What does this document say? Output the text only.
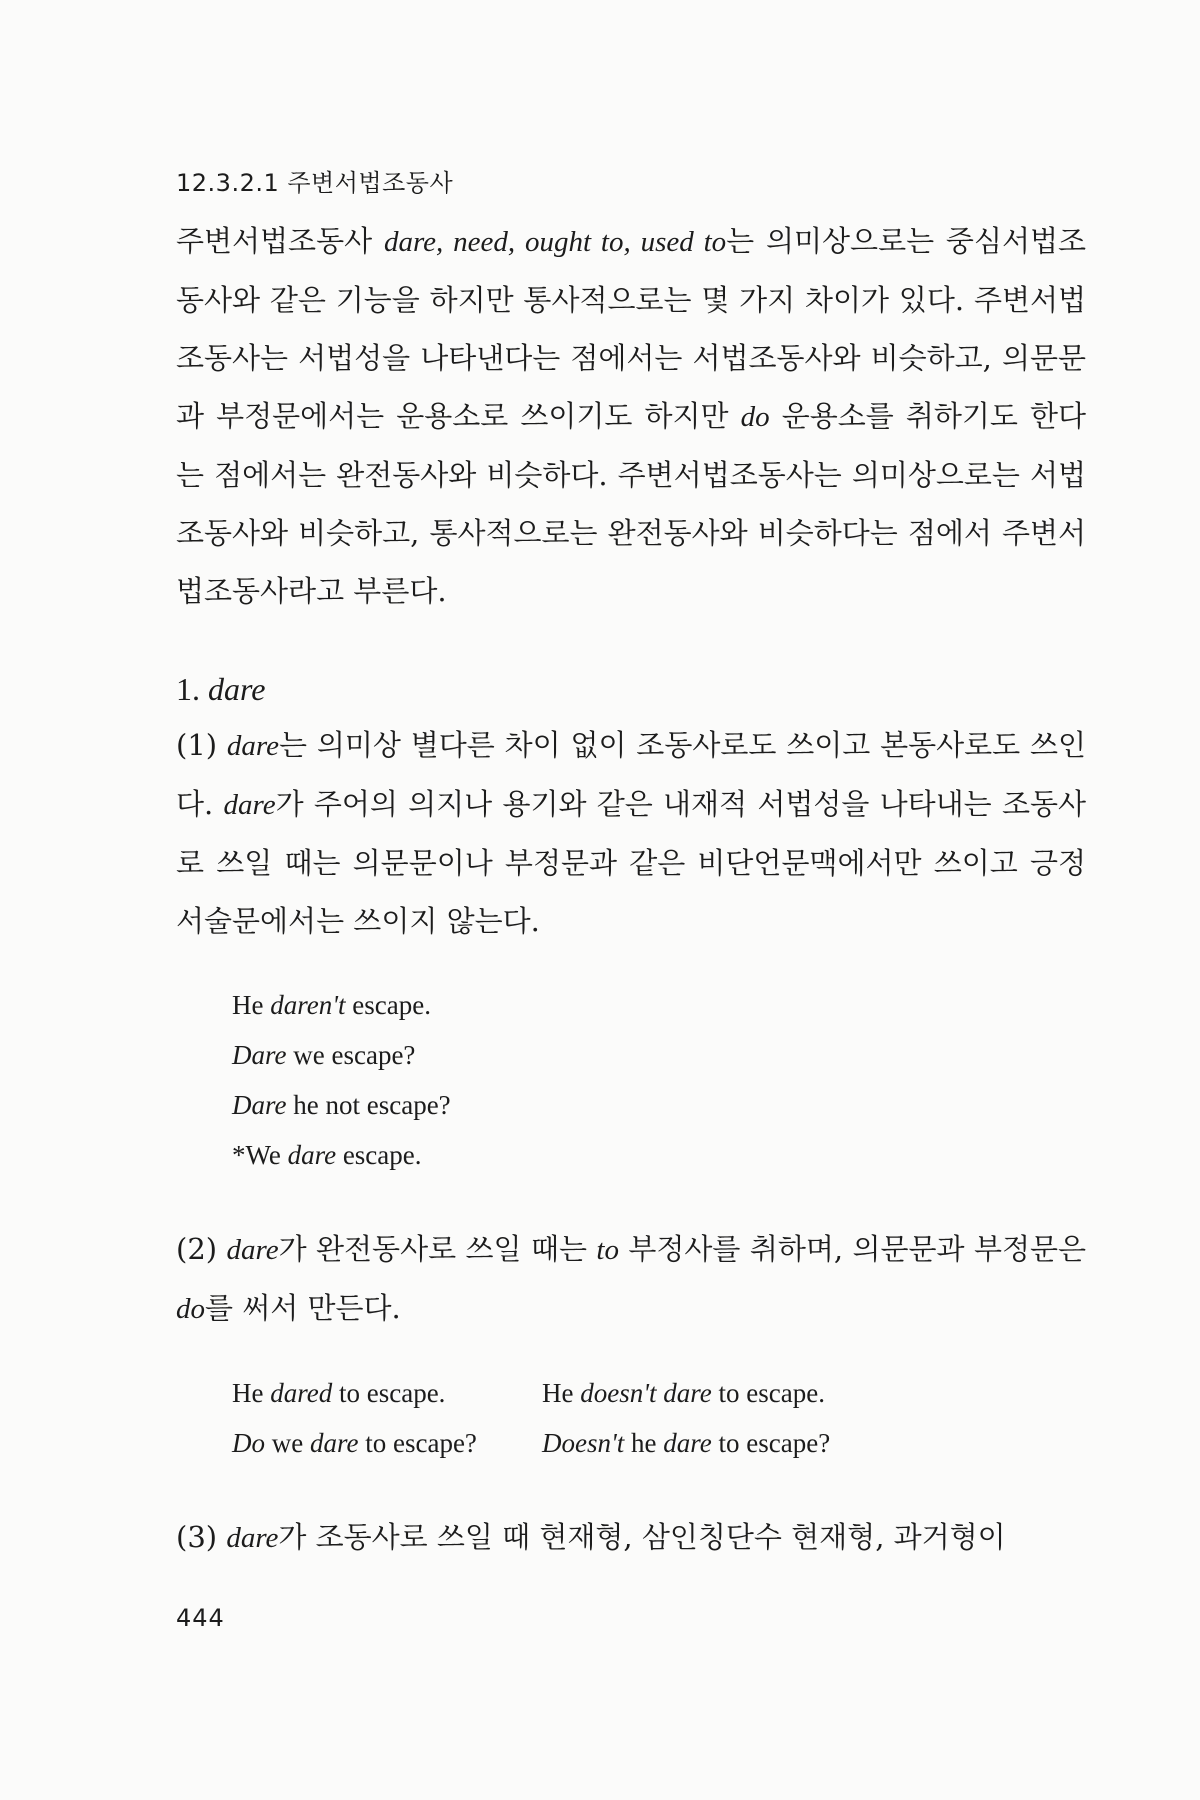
12.3.2.1 주변서법조동사

주변서법조동사 dare, need, ought to, used to는 의미상으로는 중심서법조동사와 같은 기능을 하지만 통사적으로는 몇 가지 차이가 있다. 주변서법조동사는 서법성을 나타낸다는 점에서는 서법조동사와 비슷하고, 의문문과 부정문에서는 운용소로 쓰이기도 하지만 do 운용소를 취하기도 한다는 점에서는 완전동사와 비슷하다. 주변서법조동사는 의미상으로는 서법조동사와 비슷하고, 통사적으로는 완전동사와 비슷하다는 점에서 주변서법조동사라고 부른다.

1. dare

(1) dare는 의미상 별다른 차이 없이 조동사로도 쓰이고 본동사로도 쓰인다. dare가 주어의 의지나 용기와 같은 내재적 서법성을 나타내는 조동사로 쓰일 때는 의문문이나 부정문과 같은 비단언문맥에서만 쓰이고 긍정서술문에서는 쓰이지 않는다.

He daren't escape.

Dare we escape?

Dare he not escape?

*We dare escape.

(2) dare가 완전동사로 쓰일 때는 to 부정사를 취하며, 의문문과 부정문은 do를 써서 만든다.

He dared to escape.	He doesn't dare to escape.

Do we dare to escape?	Doesn't he dare to escape?

(3) dare가 조동사로 쓰일 때 현재형, 삼인칭단수 현재형, 과거형이

444
